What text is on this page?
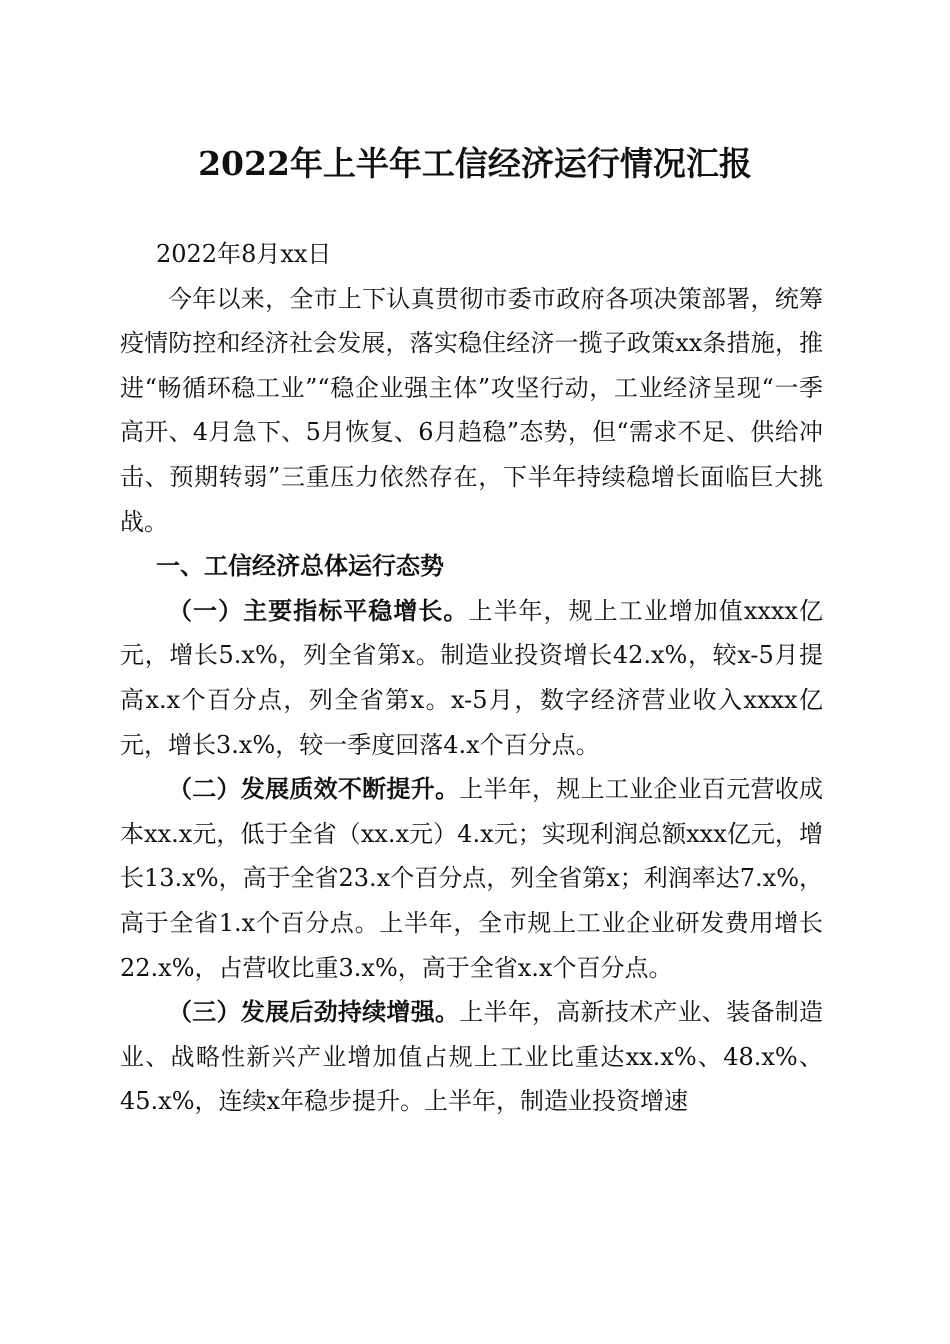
2022年上半年工信经济运行情况汇报

2022年8月xx日

今年以来，全市上下认真贯彻市委市政府各项决策部署，统筹疫情防控和经济社会发展，落实稳住经济一揽子政策xx条措施，推进“畅循环稳工业”“稳企业强主体”攻坚行动，工业经济呈现“一季高开、4月急下、5月恢复、6月趋稳”态势，但“需求不足、供给冲击、预期转弱”三重压力依然存在，下半年持续稳增长面临巨大挑战。

一、工信经济总体运行态势

（一）主要指标平稳增长。上半年，规上工业增加值xxxx亿元，增长5.x%，列全省第x。制造业投资增长42.x%，较x-5月提高x.x个百分点，列全省第x。x-5月，数字经济营业收入xxxx亿元，增长3.x%，较一季度回落4.x个百分点。

（二）发展质效不断提升。上半年，规上工业企业百元营收成本xx.x元，低于全省（xx.x元）4.x元；实现利润总额xxx亿元，增长13.x%，高于全省23.x个百分点，列全省第x；利润率达7.x%，高于全省1.x个百分点。上半年，全市规上工业企业研发费用增长22.x%，占营收比重3.x%，高于全省x.x个百分点。

（三）发展后劲持续增强。上半年，高新技术产业、装备制造业、战略性新兴产业增加值占规上工业比重达xx.x%、48.x%、45.x%，连续x年稳步提升。上半年，制造业投资增速
